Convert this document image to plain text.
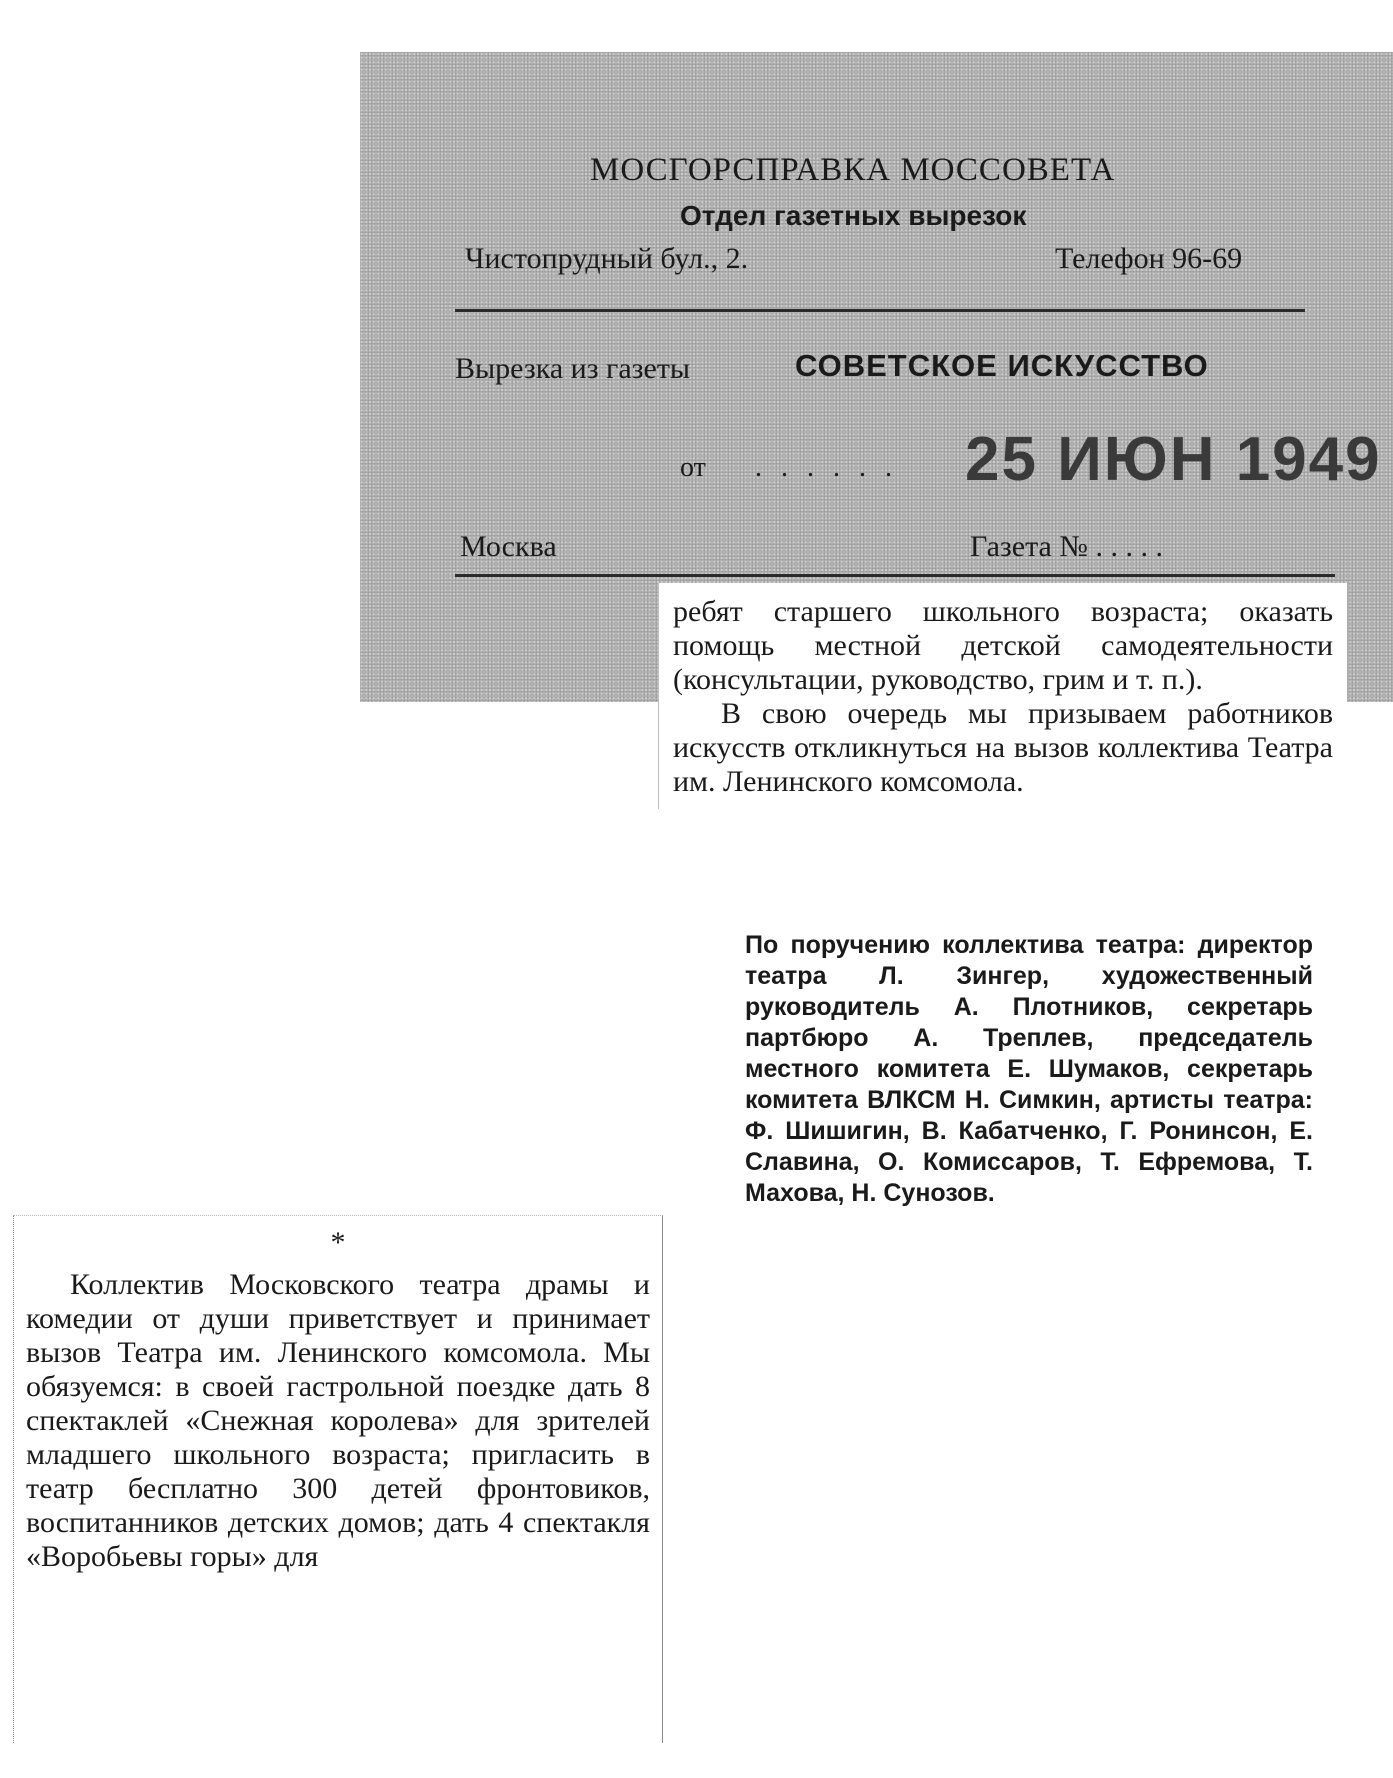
МОСГОРСПРАВКА МОССОВЕТА
Отдел газетных вырезок
Чистопрудный бул., 2.	Телефон 96-69
Вырезка из газеты	СОВЕТСКОЕ ИСКУССТВО
от . . . . . . 25 ИЮН 1949
Москва	Газета № . . . . .

ребят старшего школьного возраста; оказать помощь местной детской самодеятельности (консультации, руководство, грим и т. п.).

В свою очередь мы призываем работников искусств откликнуться на вызов коллектива Театра им. Ленинского комсомола.

По поручению коллектива театра: директор театра Л. Зингер, художественный руководитель А. Плотников, секретарь партбюро А. Треплев, председатель местного комитета Е. Шумаков, секретарь комитета ВЛКСМ Н. Симкин, артисты театра: Ф. Шишигин, В. Кабатченко, Г. Ронинсон, Е. Славина, О. Комиссаров, Т. Ефремова, Т. Махова, Н. Сунозов.

*

Коллектив Московского театра драмы и комедии от души приветствует и принимает вызов Театра им. Ленинского комсомола. Мы обязуемся: в своей гастрольной поездке дать 8 спектаклей «Снежная королева» для зрителей младшего школьного возраста; пригласить в театр бесплатно 300 детей фронтовиков, воспитанников детских домов; дать 4 спектакля «Воробьевы горы» для
